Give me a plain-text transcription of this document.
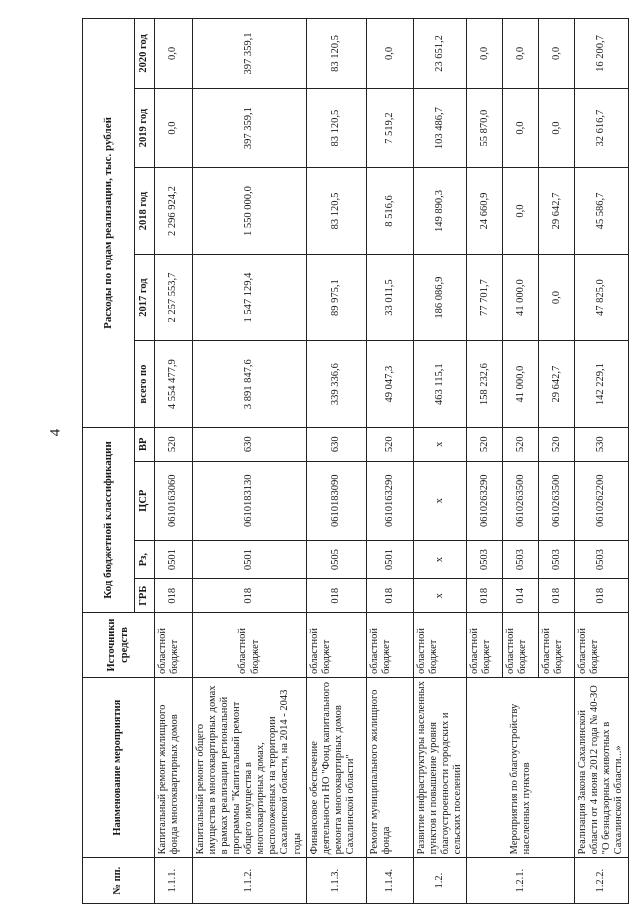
4
№ пп.	Наименование мероприятия	Источники средств	Код бюджетной классификации				Расходы по годам реализации, тыс. рублей				
			ГРБ	Рз,	ЦСР	ВР	всего по	2017 год	2018 год	2019 год	2020 год
1.1.1.	Капитальный ремонт жилищного фонда многоквартирных домов	областной бюджет	018	0501	0610163060	520	4 554 477,9	2 257 553,7	2 296 924,2	0,0	0,0
1.1.2.	Капитальный ремонт общего имущества в многоквартирных домах в рамках реализации региональной программы "Капитальный ремонт общего имущества в многоквартирных домах, расположенных на территории Сахалинской области, на 2014 - 2043 годы	областной бюджет	018	0501	0610183130	630	3 891 847,6	1 547 129,4	1 550 000,0	397 359,1	397 359,1
1.1.3.	Финансовое обеспечение деятельности НО "Фонд капитального ремонта многоквартирных домов Сахалинской области"	областной бюджет	018	0505	0610183090	630	339 336,6	89 975,1	83 120,5	83 120,5	83 120,5
1.1.4.	Ремонт муниципального жилищного фонда	областной бюджет	018	0501	0610163290	520	49 047,3	33 011,5	8 516,6	7 519,2	0,0
1.2.	Развитие инфраструктуры населенных пунктов и повышение уровня благоустроенности городских и сельских поселений	областной бюджет	х	х	х	х	463 115,1	186 086,9	149 890,3	103 486,7	23 651,2
1.2.1.	Мероприятия по благоустройству населенных пунктов	областной бюджет	018	0503	0610263290	520	158 232,6	77 701,7	24 660,9	55 870,0	0,0
		областной бюджет	014	0503	0610263500	520	41 000,0	41 000,0	0,0	0,0	0,0
		областной бюджет	018	0503	0610263500	520	29 642,7	0,0	29 642,7	0,0	0,0
1.2.2.	Реализация Закона Сахалинской области от 4 июня 2012 года № 40-ЗО "О безнадзорных животных в Сахалинской области...»	областной бюджет	018	0503	0610262200	530	142 229,1	47 825,0	45 586,7	32 616,7	16 200,7
